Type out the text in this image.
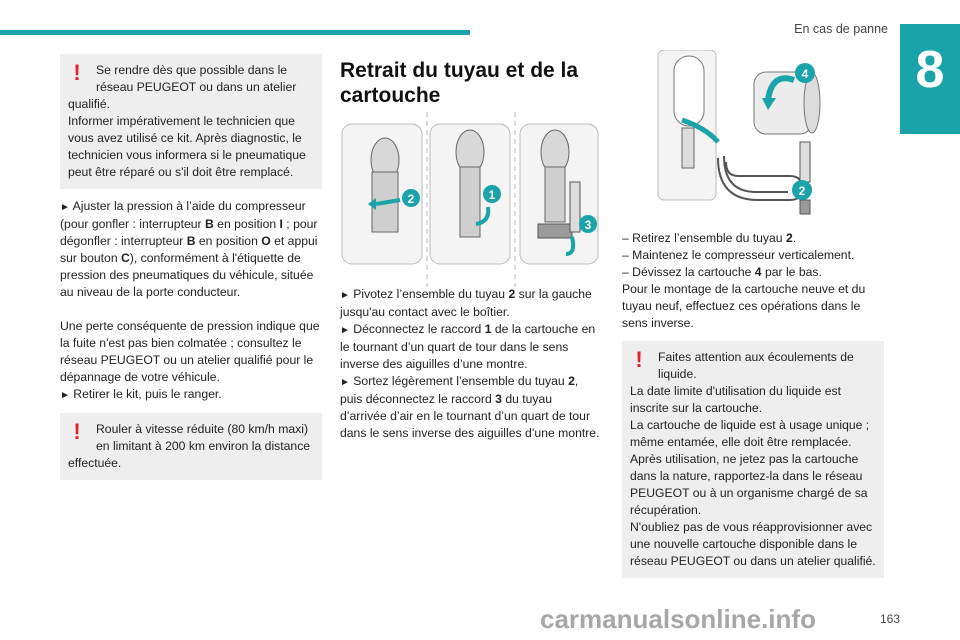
En cas de panne
8
!	Se rendre dès que possible dans le réseau PEUGEOT ou dans un atelier

qualifié.

Informer impérativement le technicien que vous avez utilisé ce kit. Après diagnostic, le technicien vous informera si le pneumatique peut être réparé ou s'il doit être remplacé.

► Ajuster la pression à l’aide du compresseur (pour gonfler : interrupteur B en position I ; pour dégonfler : interrupteur B en position O et appui sur bouton C), conformément à l'étiquette de pression des pneumatiques du véhicule, située au niveau de la porte conducteur.

Une perte conséquente de pression indique que la fuite n'est pas bien colmatée ; consultez le réseau PEUGEOT ou un atelier qualifié pour le dépannage de votre véhicule.

► Retirer le kit, puis le ranger.

!	Rouler à vitesse réduite (80 km/h maxi) en limitant à 200 km environ la distance

effectuée.

Retrait du tuyau et de la cartouche
2	1
3

► Pivotez l’ensemble du tuyau 2 sur la gauche jusqu'au contact avec le boîtier.

► Déconnectez le raccord 1 de la cartouche en le tournant d’un quart de tour dans le sens inverse des aiguilles d’une montre.

► Sortez légèrement l’ensemble du tuyau 2, puis déconnectez le raccord 3 du tuyau d’arrivée d’air en le tournant d’un quart de tour dans le sens inverse des aiguilles d’une montre.

4
2

– Retirez l’ensemble du tuyau 2.

– Maintenez le compresseur verticalement.

– Dévissez la cartouche 4 par le bas.

Pour le montage de la cartouche neuve et du tuyau neuf, effectuez ces opérations dans le sens inverse.

!	Faites attention aux écoulements de liquide.

La date limite d'utilisation du liquide est inscrite sur la cartouche.

La cartouche de liquide est à usage unique ; même entamée, elle doit être remplacée.

Après utilisation, ne jetez pas la cartouche dans la nature, rapportez-la dans le réseau PEUGEOT ou à un organisme chargé de sa récupération.

N'oubliez pas de vous réapprovisionner avec une nouvelle cartouche disponible dans le réseau PEUGEOT ou dans un atelier qualifié.

carmanualsonline.info	163
